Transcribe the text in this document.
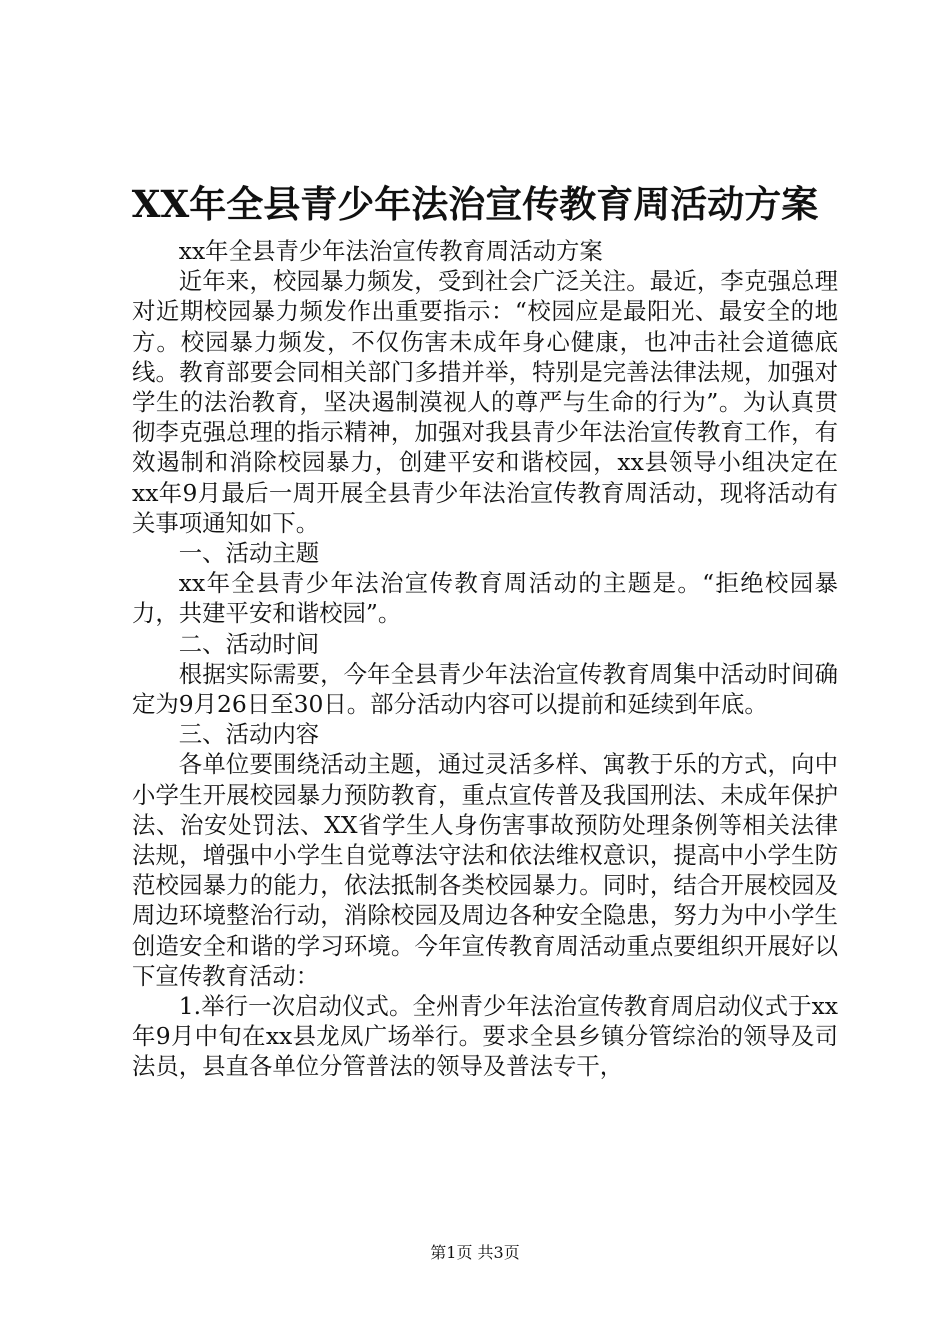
XX年全县青少年法治宣传教育周活动方案

xx年全县青少年法治宣传教育周活动方案

近年来，校园暴力频发，受到社会广泛关注。最近，李克强总理对近期校园暴力频发作出重要指示：“校园应是最阳光、最安全的地方。校园暴力频发，不仅伤害未成年身心健康，也冲击社会道德底线。教育部要会同相关部门多措并举，特别是完善法律法规，加强对学生的法治教育，坚决遏制漠视人的尊严与生命的行为”。为认真贯彻李克强总理的指示精神，加强对我县青少年法治宣传教育工作，有效遏制和消除校园暴力，创建平安和谐校园，xx县领导小组决定在xx年9月最后一周开展全县青少年法治宣传教育周活动，现将活动有关事项通知如下。

一、活动主题

xx年全县青少年法治宣传教育周活动的主题是。“拒绝校园暴力，共建平安和谐校园”。

二、活动时间

根据实际需要，今年全县青少年法治宣传教育周集中活动时间确定为9月26日至30日。部分活动内容可以提前和延续到年底。

三、活动内容

各单位要围绕活动主题，通过灵活多样、寓教于乐的方式，向中小学生开展校园暴力预防教育，重点宣传普及我国刑法、未成年保护法、治安处罚法、XX省学生人身伤害事故预防处理条例等相关法律法规，增强中小学生自觉尊法守法和依法维权意识，提高中小学生防范校园暴力的能力，依法抵制各类校园暴力。同时，结合开展校园及周边环境整治行动，消除校园及周边各种安全隐患，努力为中小学生创造安全和谐的学习环境。今年宣传教育周活动重点要组织开展好以下宣传教育活动：

1.举行一次启动仪式。全州青少年法治宣传教育周启动仪式于xx年9月中旬在xx县龙凤广场举行。要求全县乡镇分管综治的领导及司法员，县直各单位分管普法的领导及普法专干，

第1页 共3页
